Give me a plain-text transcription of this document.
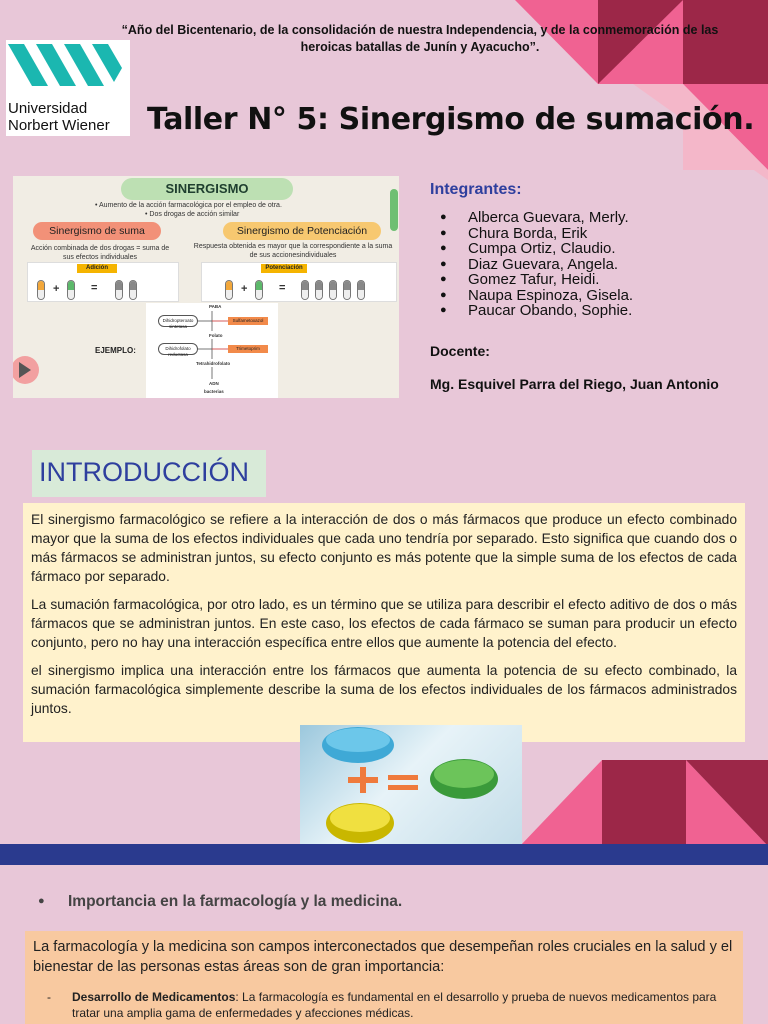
“Año del Bicentenario, de la consolidación de nuestra Independencia, y de la conmemoración de las heroicas batallas de Junín y Ayacucho”.
Universidad
Norbert Wiener Taller N° 5: Sinergismo de sumación.
SINERGISMO
• Aumento de la acción farmacológica por el empleo de otra.
• Dos drogas de acción similar
Sinergismo de suma
Acción combinada de dos drogas = suma de sus efectos individuales
Sinergismo de Potenciación
Respuesta obtenida es mayor que la correspondiente a la suma de sus accionesindividuales
Adición
+	=
Potenciación
+	=
EJEMPLO:
PABA
Dihidropteroato sintetasa
Sulfametoxazol
Folato
Dihidrofolato reductasa
Trimetoprim
Tetrahidrofolato
ADN
bacterias
Integrantes:
● Alberca Guevara, Merly.
● Chura Borda, Erik
● Cumpa Ortiz, Claudio.
● Diaz Guevara, Angela.
● Gomez Tafur, Heidi.
● Naupa Espinoza, Gisela.
● Paucar Obando, Sophie.
Docente:
Mg. Esquivel Parra del Riego, Juan Antonio
INTRODUCCIÓN

El sinergismo farmacológico se refiere a la interacción de dos o más fármacos que produce un efecto combinado mayor que la suma de los efectos individuales que cada uno tendría por separado. Esto significa que cuando dos o más fármacos se administran juntos, su efecto conjunto es más potente que la simple suma de los efectos de cada fármaco por separado.

La sumación farmacológica, por otro lado, es un término que se utiliza para describir el efecto aditivo de dos o más fármacos que se administran juntos. En este caso, los efectos de cada fármaco se suman para producir un efecto conjunto, pero no hay una interacción específica entre ellos que aumente la potencia del efecto.

el sinergismo implica una interacción entre los fármacos que aumenta la potencia de su efecto combinado, la sumación farmacológica simplemente describe la suma de los efectos individuales de los fármacos administrados juntos.

● Importancia en la farmacología y la medicina.
La farmacología y la medicina son campos interconectados que desempeñan roles cruciales en la salud y el bienestar de las personas estas áreas son de gran importancia:
- Desarrollo de Medicamentos: La farmacología es fundamental en el desarrollo y prueba de nuevos medicamentos para tratar una amplia gama de enfermedades y afecciones médicas.
